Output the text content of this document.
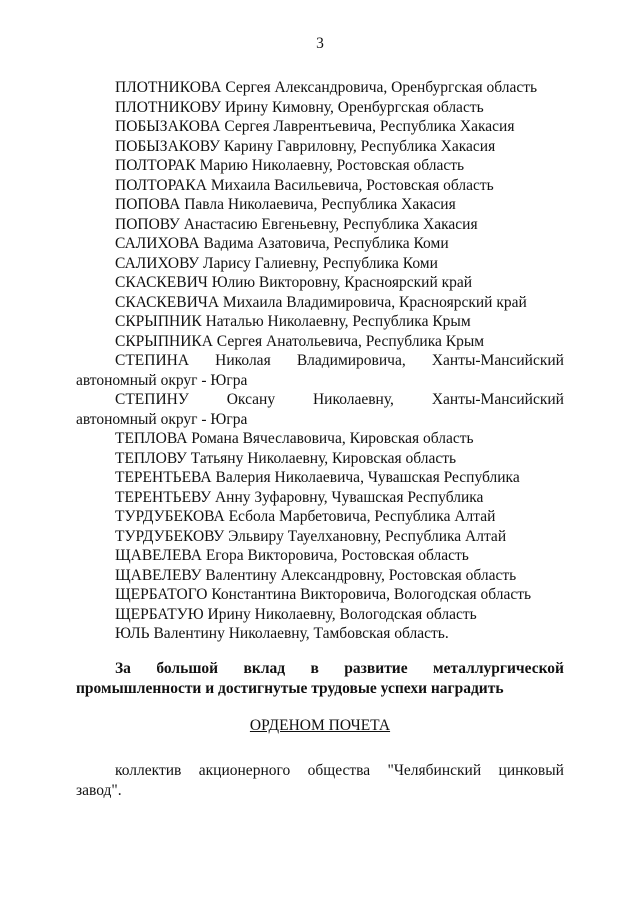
3
ПЛОТНИКОВА Сергея Александровича, Оренбургская область
ПЛОТНИКОВУ Ирину Кимовну, Оренбургская область
ПОБЫЗАКОВА Сергея Лаврентьевича, Республика Хакасия
ПОБЫЗАКОВУ Карину Гавриловну, Республика Хакасия
ПОЛТОРАК Марию Николаевну, Ростовская область
ПОЛТОРАКА Михаила Васильевича, Ростовская область
ПОПОВА Павла Николаевича, Республика Хакасия
ПОПОВУ Анастасию Евгеньевну, Республика Хакасия
САЛИХОВА Вадима Азатовича, Республика Коми
САЛИХОВУ Ларису Галиевну, Республика Коми
СКАСКЕВИЧ Юлию Викторовну, Красноярский край
СКАСКЕВИЧА Михаила Владимировича, Красноярский край
СКРЫПНИК Наталью Николаевну, Республика Крым
СКРЫПНИКА Сергея Анатольевича, Республика Крым
СТЕПИНА Николая Владимировича, Ханты-Мансийский
автономный округ - Югра
СТЕПИНУ Оксану Николаевну, Ханты-Мансийский
автономный округ - Югра
ТЕПЛОВА Романа Вячеславовича, Кировская область
ТЕПЛОВУ Татьяну Николаевну, Кировская область
ТЕРЕНТЬЕВА Валерия Николаевича, Чувашская Республика
ТЕРЕНТЬЕВУ Анну Зуфаровну, Чувашская Республика
ТУРДУБЕКОВА Есбола Марбетовича, Республика Алтай
ТУРДУБЕКОВУ Эльвиру Тауелхановну, Республика Алтай
ЩАВЕЛЕВА Егора Викторовича, Ростовская область
ЩАВЕЛЕВУ Валентину Александровну, Ростовская область
ЩЕРБАТОГО Константина Викторовича, Вологодская область
ЩЕРБАТУЮ Ирину Николаевну, Вологодская область
ЮЛЬ Валентину Николаевну, Тамбовская область.
За большой вклад в развитие металлургической
промышленности и достигнутые трудовые успехи наградить
ОРДЕНОМ ПОЧЕТА
коллектив акционерного общества "Челябинский цинковый
завод".
